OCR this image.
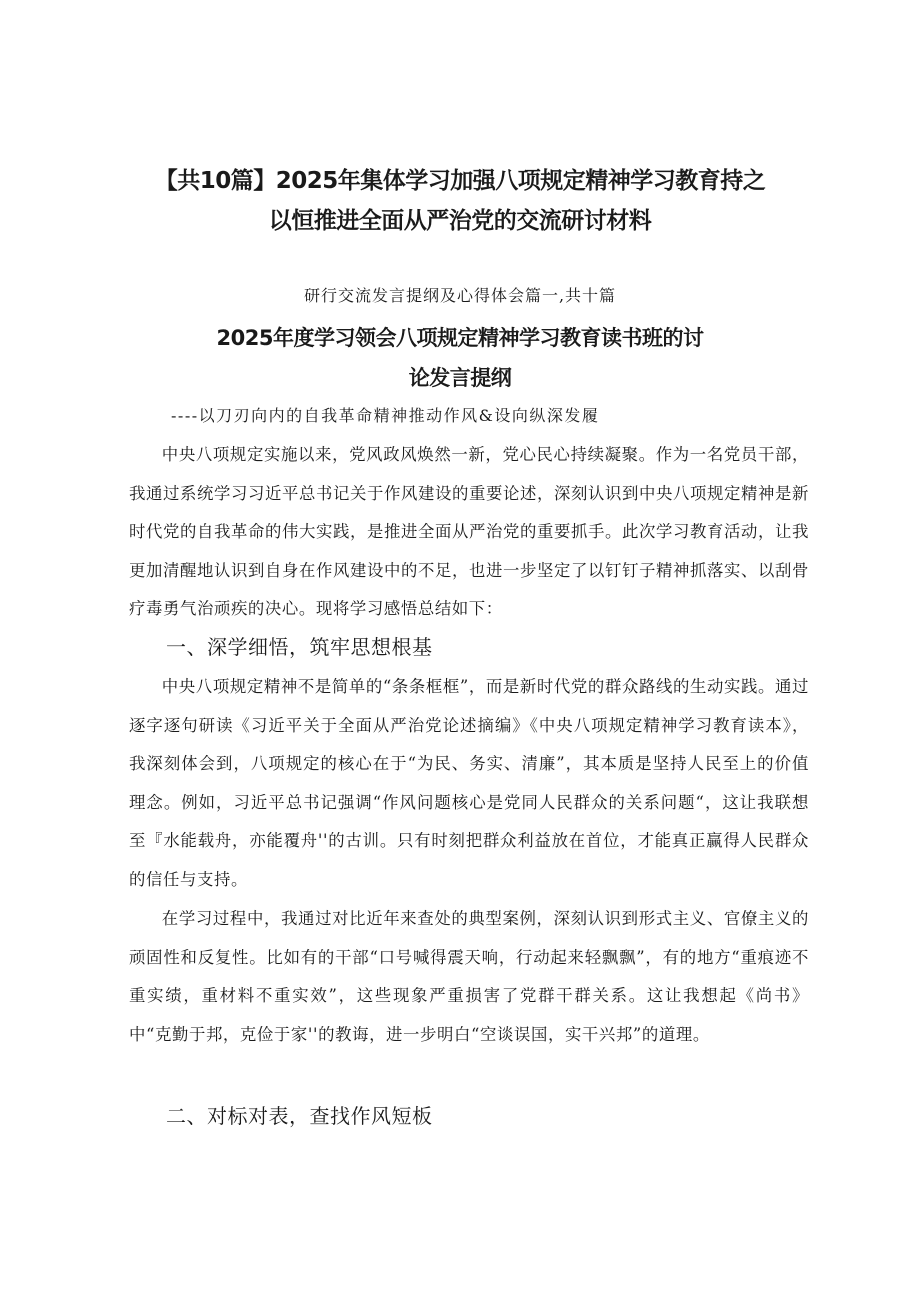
【共10篇】2025年集体学习加强八项规定精神学习教育持之
以恒推进全面从严治党的交流研讨材料

研行交流发言提纲及心得体会篇一,共十篇

2025年度学习领会八项规定精神学习教育读书班的讨
论发言提纲

----以刀刃向内的自我革命精神推动作风&设向纵深发履

中央八项规定实施以来，党风政风焕然一新，党心民心持续凝聚。作为一名党员干部，我通过系统学习习近平总书记关于作风建设的重要论述，深刻认识到中央八项规定精神是新时代党的自我革命的伟大实践，是推进全面从严治党的重要抓手。此次学习教育活动，让我更加清醒地认识到自身在作风建设中的不足，也进一步坚定了以钉钉子精神抓落实、以刮骨疗毒勇气治顽疾的决心。现将学习感悟总结如下：

一、深学细悟，筑牢思想根基

中央八项规定精神不是简单的“条条框框”，而是新时代党的群众路线的生动实践。通过逐字逐句研读《习近平关于全面从严治党论述摘编》《中央八项规定精神学习教育读本》，我深刻体会到，八项规定的核心在于“为民、务实、清廉”，其本质是坚持人民至上的价值理念。例如，习近平总书记强调“作风问题核心是党同人民群众的关系问题“，这让我联想至『水能载舟，亦能覆舟''的古训。只有时刻把群众利益放在首位，才能真正赢得人民群众的信任与支持。

在学习过程中，我通过对比近年来查处的典型案例，深刻认识到形式主义、官僚主义的顽固性和反复性。比如有的干部“口号喊得震天响，行动起来轻飘飘”，有的地方“重痕迹不重实绩，重材料不重实效”，这些现象严重损害了党群干群关系。这让我想起《尚书》中“克勤于邦，克俭于家''的教诲，进一步明白“空谈误国，实干兴邦”的道理。

二、对标对表，查找作风短板
